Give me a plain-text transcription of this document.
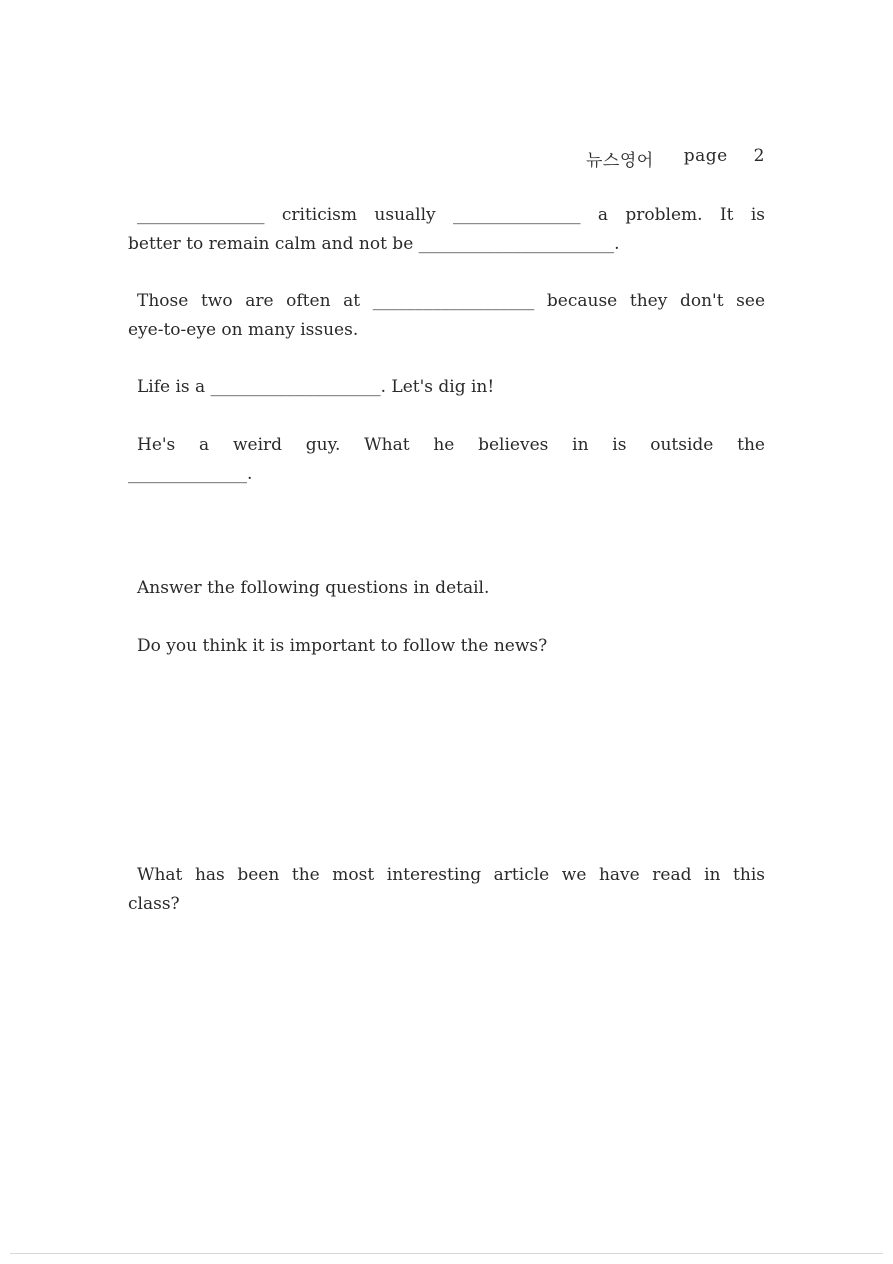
뉴스영어 page 2
_______________ criticism usually _______________ a problem. It is
better to remain calm and not be _______________________.
Those two are often at ___________________ because they don't see
eye-to-eye on many issues.
Life is a ____________________. Let's dig in!
He's a weird guy. What he believes in is outside the
______________.
Answer the following questions in detail.
Do you think it is important to follow the news?
What has been the most interesting article we have read in this
class?
